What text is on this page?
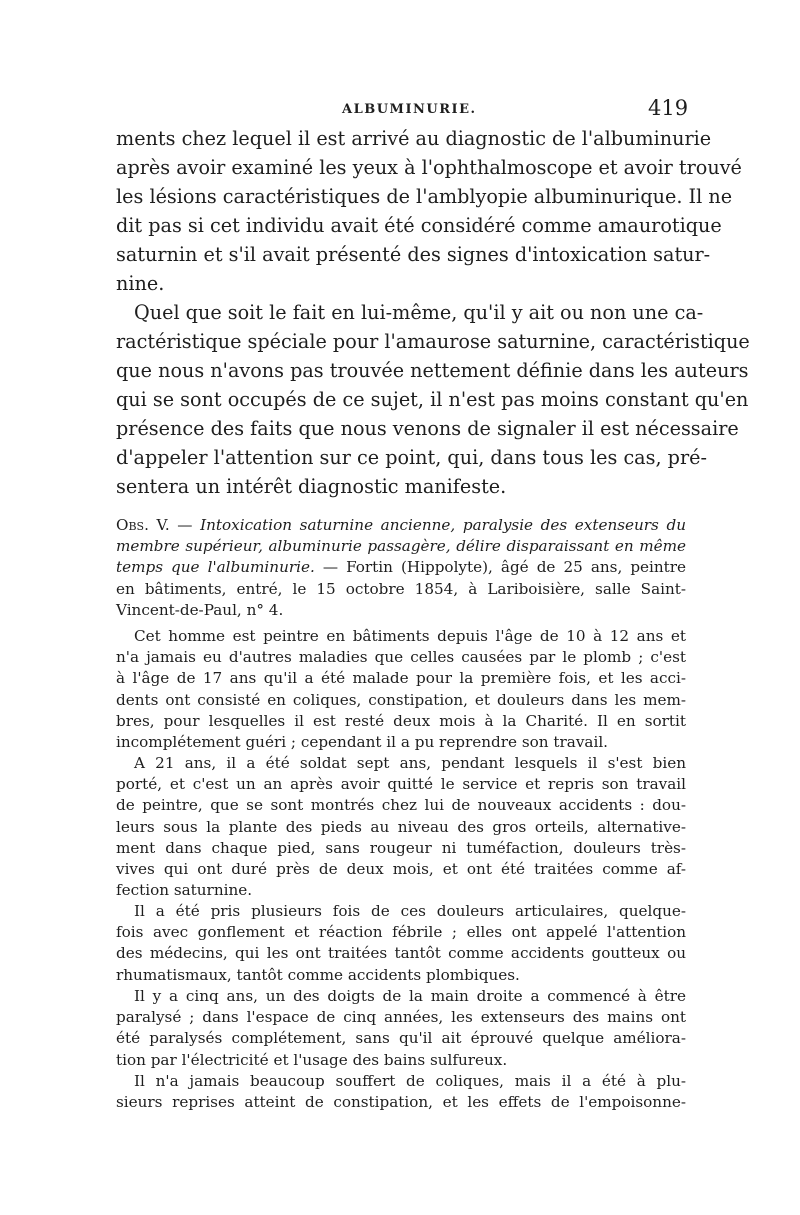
ALBUMINURIE.	419
ments chez lequel il est arrivé au diagnostic de l'albuminurie
après avoir examiné les yeux à l'ophthalmoscope et avoir trouvé
les lésions caractéristiques de l'amblyopie albuminurique. Il ne
dit pas si cet individu avait été considéré comme amaurotique
saturnin et s'il avait présenté des signes d'intoxication satur-
nine.
Quel que soit le fait en lui-même, qu'il y ait ou non une ca-
ractéristique spéciale pour l'amaurose saturnine, caractéristique
que nous n'avons pas trouvée nettement définie dans les auteurs
qui se sont occupés de ce sujet, il n'est pas moins constant qu'en
présence des faits que nous venons de signaler il est nécessaire
d'appeler l'attention sur ce point, qui, dans tous les cas, pré-
sentera un intérêt diagnostic manifeste.
Obs. V. — Intoxication saturnine ancienne, paralysie des extenseurs du
membre supérieur, albuminurie passagère, délire disparaissant en même
temps que l'albuminurie. — Fortin (Hippolyte), âgé de 25 ans, peintre
en bâtiments, entré, le 15 octobre 1854, à Lariboisière, salle Saint-
Vincent-de-Paul, n° 4.
Cet homme est peintre en bâtiments depuis l'âge de 10 à 12 ans et
n'a jamais eu d'autres maladies que celles causées par le plomb ; c'est
à l'âge de 17 ans qu'il a été malade pour la première fois, et les acci-
dents ont consisté en coliques, constipation, et douleurs dans les mem-
bres, pour lesquelles il est resté deux mois à la Charité. Il en sortit
incomplétement guéri ; cependant il a pu reprendre son travail.
A 21 ans, il a été soldat sept ans, pendant lesquels il s'est bien
porté, et c'est un an après avoir quitté le service et repris son travail
de peintre, que se sont montrés chez lui de nouveaux accidents : dou-
leurs sous la plante des pieds au niveau des gros orteils, alternative-
ment dans chaque pied, sans rougeur ni tuméfaction, douleurs très-
vives qui ont duré près de deux mois, et ont été traitées comme af-
fection saturnine.
Il a été pris plusieurs fois de ces douleurs articulaires, quelque-
fois avec gonflement et réaction fébrile ; elles ont appelé l'attention
des médecins, qui les ont traitées tantôt comme accidents goutteux ou
rhumatismaux, tantôt comme accidents plombiques.
Il y a cinq ans, un des doigts de la main droite a commencé à être
paralysé ; dans l'espace de cinq années, les extenseurs des mains ont
été paralysés complétement, sans qu'il ait éprouvé quelque améliora-
tion par l'électricité et l'usage des bains sulfureux.
Il n'a jamais beaucoup souffert de coliques, mais il a été à plu-
sieurs reprises atteint de constipation, et les effets de l'empoisonne-
